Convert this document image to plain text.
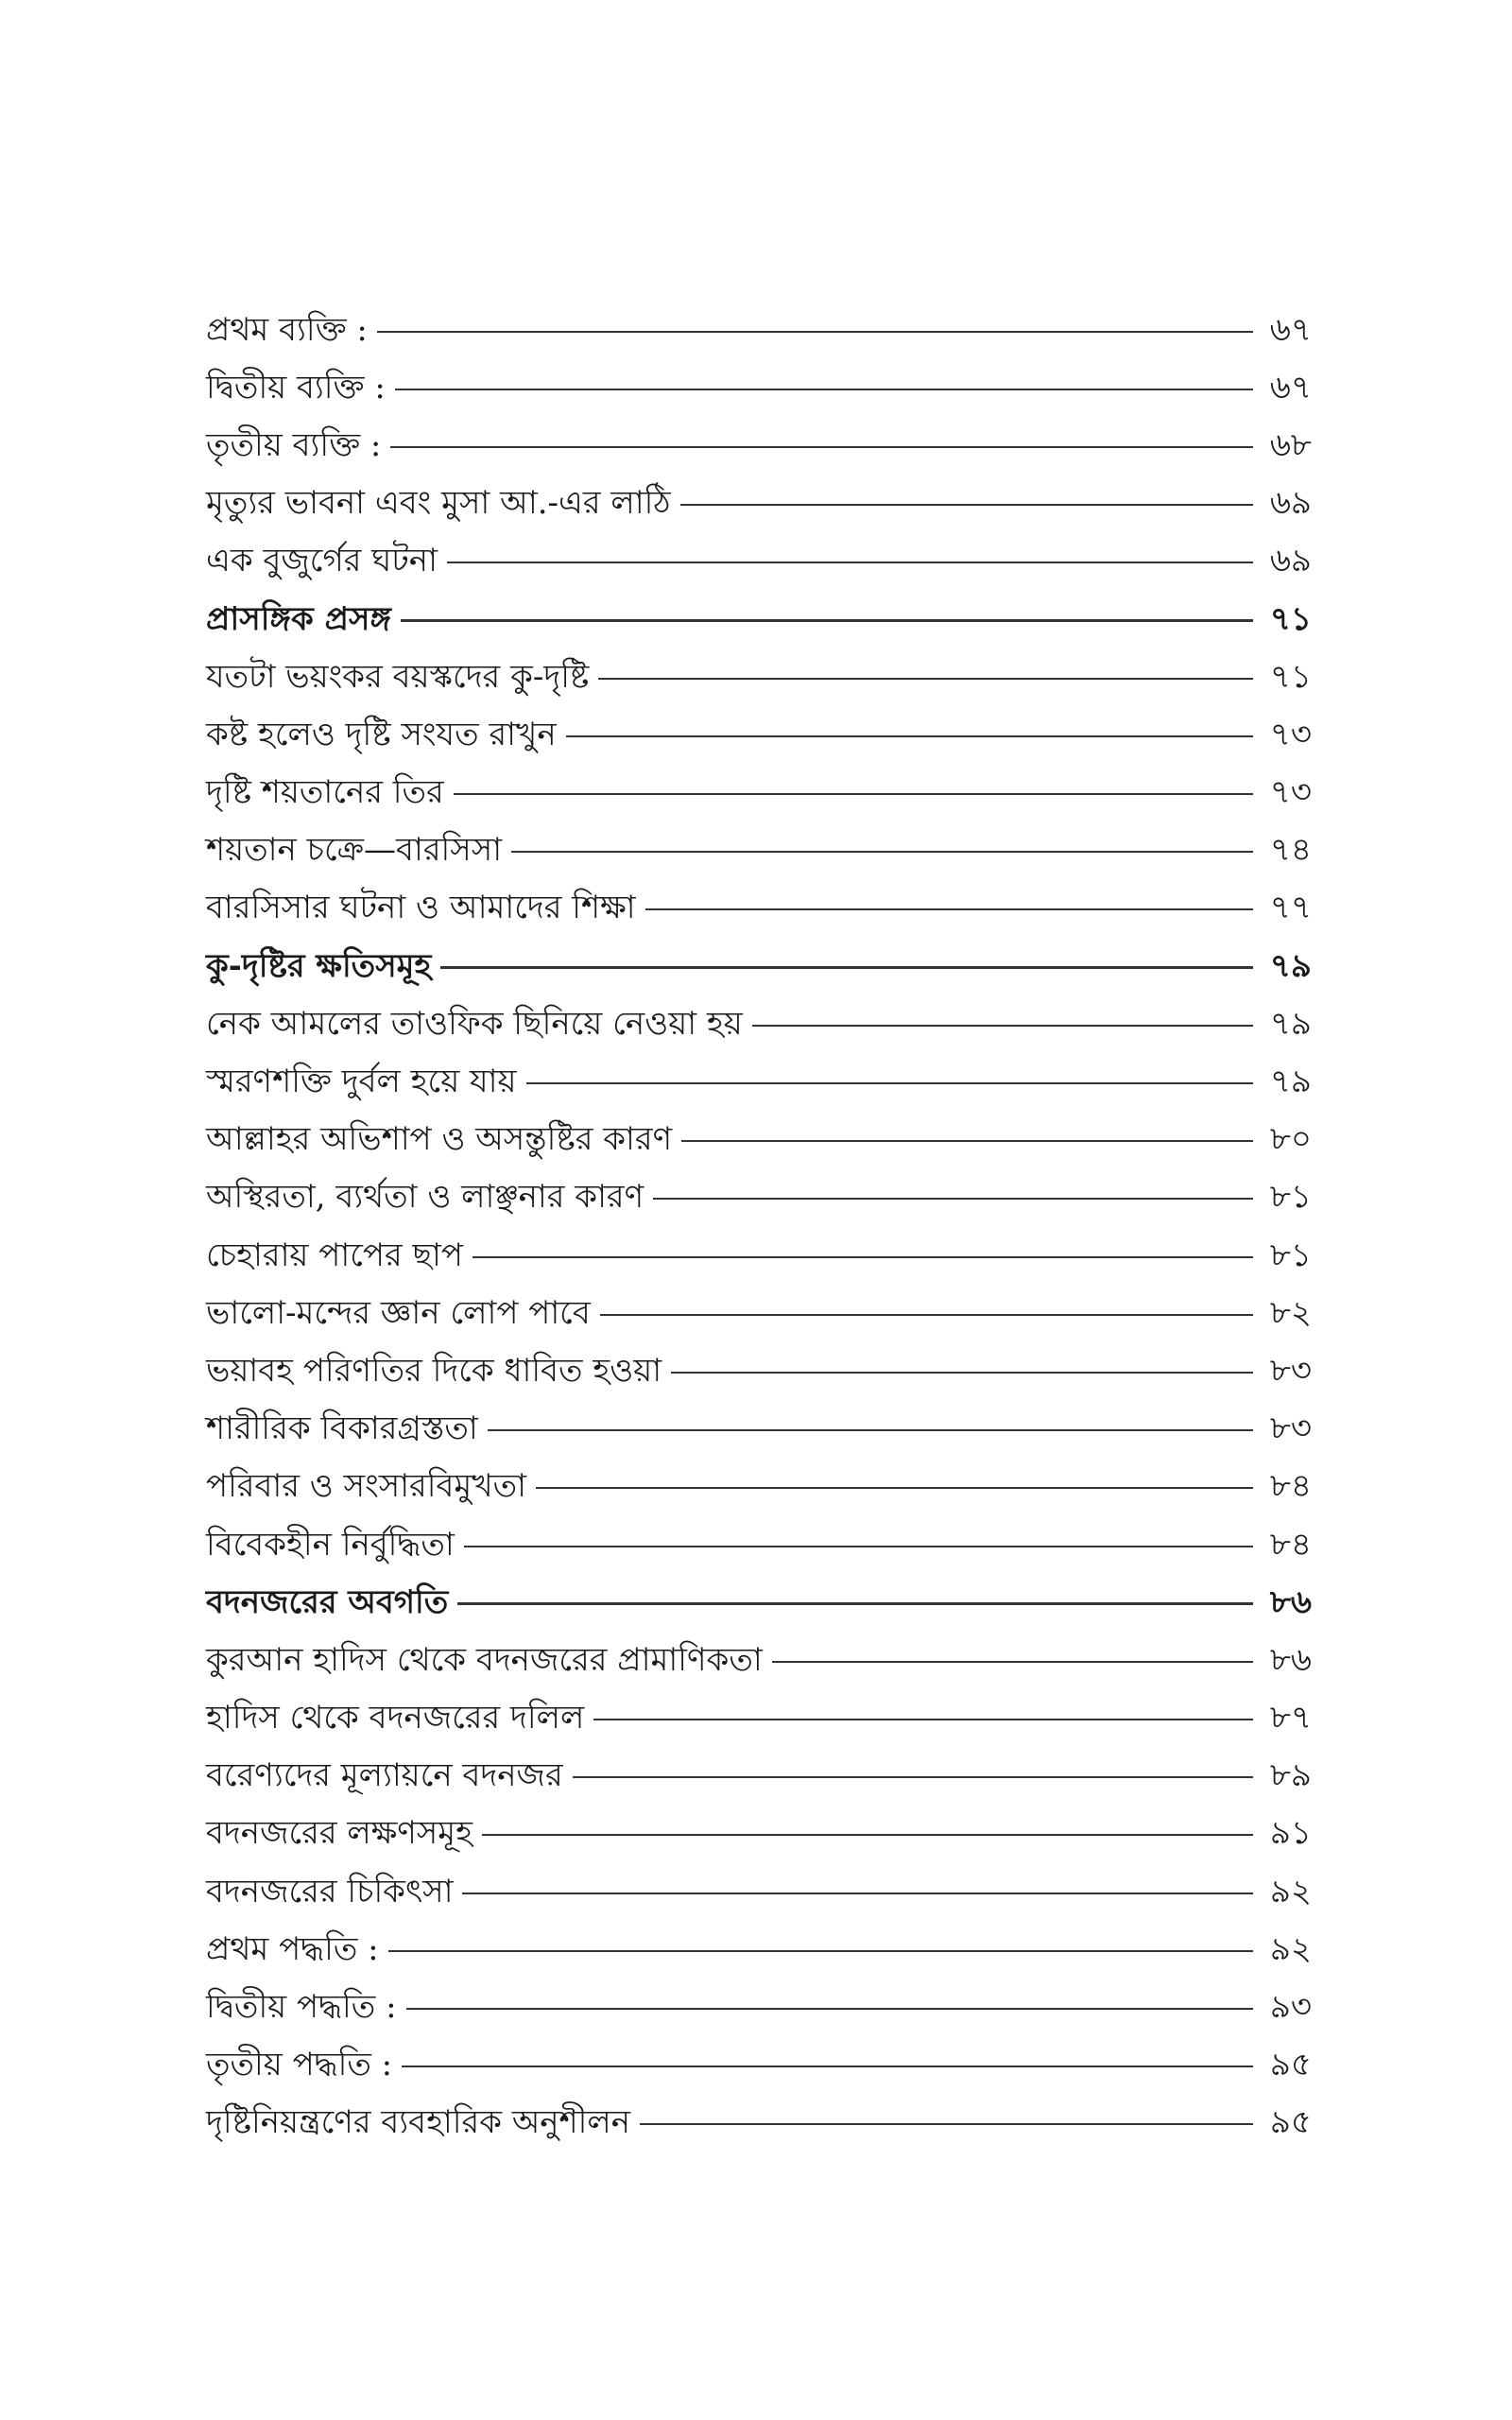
প্রথম ব্যক্তি :	৬৭
দ্বিতীয় ব্যক্তি :	৬৭
তৃতীয় ব্যক্তি :	৬৮
মৃত্যুর ভাবনা এবং মুসা আ.-এর লাঠি	৬৯
এক বুজুর্গের ঘটনা	৬৯
প্রাসঙ্গিক প্রসঙ্গ	৭১
যতটা ভয়ংকর বয়স্কদের কু-দৃষ্টি	৭১
কষ্ট হলেও দৃষ্টি সংযত রাখুন	৭৩
দৃষ্টি শয়তানের তির	৭৩
শয়তান চক্রে—বারসিসা	৭৪
বারসিসার ঘটনা ও আমাদের শিক্ষা	৭৭
কু-দৃষ্টির ক্ষতিসমূহ	৭৯
নেক আমলের তাওফিক ছিনিয়ে নেওয়া হয়	৭৯
স্মরণশক্তি দুর্বল হয়ে যায়	৭৯
আল্লাহর অভিশাপ ও অসন্তুষ্টির কারণ	৮০
অস্থিরতা, ব্যর্থতা ও লাঞ্ছনার কারণ	৮১
চেহারায় পাপের ছাপ	৮১
ভালো-মন্দের জ্ঞান লোপ পাবে	৮২
ভয়াবহ পরিণতির দিকে ধাবিত হওয়া	৮৩
শারীরিক বিকারগ্রস্ততা	৮৩
পরিবার ও সংসারবিমুখতা	৮৪
বিবেকহীন নির্বুদ্ধিতা	৮৪
বদনজরের অবগতি	৮৬
কুরআন হাদিস থেকে বদনজরের প্রামাণিকতা	৮৬
হাদিস থেকে বদনজরের দলিল	৮৭
বরেণ্যদের মূল্যায়নে বদনজর	৮৯
বদনজরের লক্ষণসমূহ	৯১
বদনজরের চিকিৎসা	৯২
প্রথম পদ্ধতি :	৯২
দ্বিতীয় পদ্ধতি :	৯৩
তৃতীয় পদ্ধতি :	৯৫
দৃষ্টিনিয়ন্ত্রণের ব্যবহারিক অনুশীলন	৯৫
